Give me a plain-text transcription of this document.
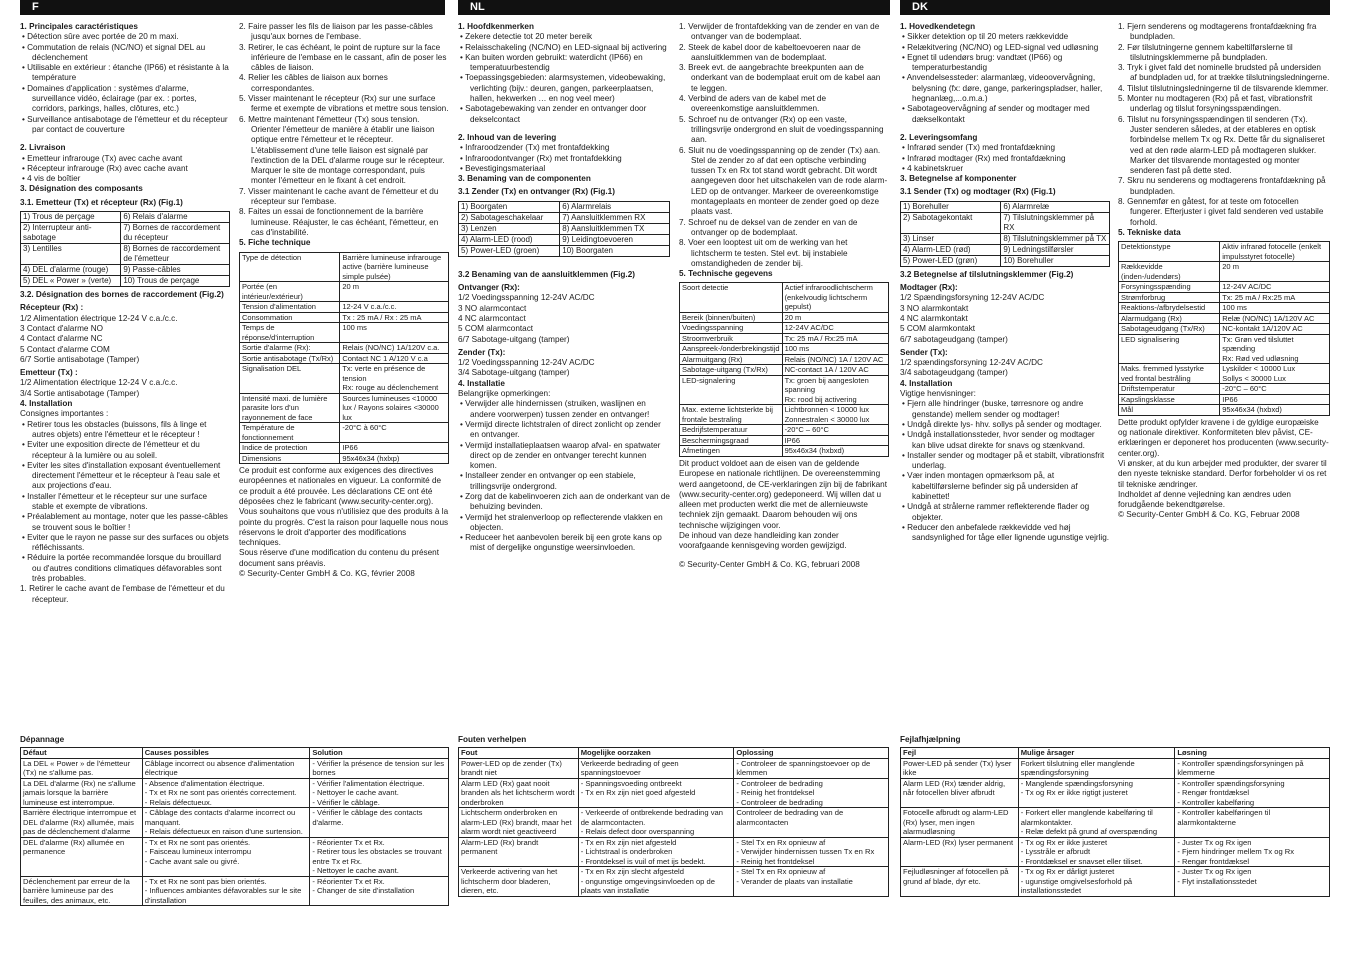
F	NL	DK

1. Principales caractéristiques

• Détection sûre avec portée de 20 m maxi.

• Commutation de relais (NC/NO) et signal DEL au déclenchement

• Utilisable en extérieur : étanche (IP66) et résistante à la température

• Domaines d'application : systèmes d'alarme, surveillance vidéo, éclairage (par ex. : portes, corridors, parkings, halles, clôtures, etc.)

• Surveillance antisabotage de l'émetteur et du récepteur par contact de couverture

2. Livraison

• Emetteur infrarouge (Tx) avec cache avant

• Récepteur infrarouge (Rx) avec cache avant

• 4 vis de boîtier

3. Désignation des composants

3.1. Emetteur (Tx) et récepteur (Rx) (Fig.1)

1) Trous de perçage	6) Relais d'alarme
2) Interrupteur anti-sabotage	7) Bornes de raccordement du récepteur
3) Lentilles	8) Bornes de raccordement de l'émetteur
4) DEL d'alarme (rouge)	9) Passe-câbles
5) DEL « Power » (verte)	10) Trous de perçage

3.2. Désignation des bornes de raccordement (Fig.2)

Récepteur (Rx) :

1/2 Alimentation électrique 12-24 V c.a./c.c.

3 Contact d'alarme NO

4 Contact d'alarme NC

5 Contact d'alarme COM

6/7 Sortie antisabotage (Tamper)

Emetteur (Tx) :

1/2 Alimentation électrique 12-24 V c.a./c.c.

3/4 Sortie antisabotage (Tamper)

4. Installation

Consignes importantes :

• Retirer tous les obstacles (buissons, fils à linge et autres objets) entre l'émetteur et le récepteur !

• Eviter une exposition directe de l'émetteur et du récepteur à la lumière ou au soleil.

• Eviter les sites d'installation exposant éventuellement directement l'émetteur et le récepteur à l'eau sale et aux projections d'eau.

• Installer l'émetteur et le récepteur sur une surface stable et exempte de vibrations.

• Préalablement au montage, noter que les passe-câbles se trouvent sous le boîtier !

• Eviter que le rayon ne passe sur des surfaces ou objets réfléchissants.

• Réduire la portée recommandée lorsque du brouillard ou d'autres conditions climatiques défavorables sont très probables.

1. Retirer le cache avant de l'embase de l'émetteur et du récepteur.

2. Faire passer les fils de liaison par les passe-câbles jusqu'aux bornes de l'embase.

3. Retirer, le cas échéant, le point de rupture sur la face inférieure de l'embase en le cassant, afin de poser les câbles de liaison.

4. Relier les câbles de liaison aux bornes correspondantes.

5. Visser maintenant le récepteur (Rx) sur une surface ferme et exempte de vibrations et mettre sous tension.

6. Mettre maintenant l'émetteur (Tx) sous tension. Orienter l'émetteur de manière à établir une liaison optique entre l'émetteur et le récepteur. L'établissement d'une telle liaison est signalé par l'extinction de la DEL d'alarme rouge sur le récepteur. Marquer le site de montage correspondant, puis monter l'émetteur en le fixant à cet endroit.

7. Visser maintenant le cache avant de l'émetteur et du récepteur sur l'embase.

8. Faites un essai de fonctionnement de la barrière lumineuse. Réajuster, le cas échéant, l'émetteur, en cas d'instabilité.

5. Fiche technique

Type de détection	Barrière lumineuse infrarouge active (barrière lumineuse simple pulsée)
Portée (en intérieur/extérieur)	20 m
Tension d'alimentation	12-24 V c.a./c.c.
Consommation	Tx : 25 mA / Rx : 25 mA
Temps de réponse/d'interruption	100 ms
Sortie d'alarme (Rx):	Relais (NO/NC) 1A/120V c.a.
Sortie antisabotage (Tx/Rx)	Contact NC 1 A/120 V c.a
Signalisation DEL	Tx: verte en présence de tension
Rx: rouge au déclenchement
Intensité maxi. de lumière parasite lors d'un rayonnement de face	Sources lumineuses <10000 lux / Rayons solaires <30000 lux
Température de fonctionnement	-20°C à 60°C
Indice de protection	IP66
Dimensions	95x46x34 (hxlxp)

Ce produit est conforme aux exigences des directives européennes et nationales en vigueur. La conformité de ce produit a été prouvée. Les déclarations CE ont été déposées chez le fabricant (www.security-center.org).

Vous souhaitons que vous n'utilisiez que des produits à la pointe du progrès. C'est la raison pour laquelle nous nous réservons le droit d'apporter des modifications techniques.

Sous réserve d'une modification du contenu du présent document sans préavis.

© Security-Center GmbH & Co. KG, février 2008

1. Hoofdkenmerken

• Zekere detectie tot 20 meter bereik

• Relaisschakeling (NC/NO) en LED-signaal bij activering

• Kan buiten worden gebruikt: waterdicht (IP66) en temperatuurbestendig

• Toepassingsgebieden: alarmsystemen, videobewaking, verlichting (bijv.: deuren, gangen, parkeerplaatsen, hallen, hekwerken … en nog veel meer)

• Sabotagebewaking van zender en ontvanger door dekselcontact

2. Inhoud van de levering

• Infraroodzender (Tx) met frontafdekking

• Infraroodontvanger (Rx) met frontafdekking

• Bevestigingsmateriaal

3. Benaming van de componenten

3.1 Zender (Tx) en ontvanger (Rx) (Fig.1)

1) Boorgaten	6) Alarmrelais
2) Sabotageschakelaar	7) Aansluitklemmen RX
3) Lenzen	8) Aansluitklemmen TX
4) Alarm-LED (rood)	9) Leidingtoevoeren
5) Power-LED (groen)	10) Boorgaten

3.2 Benaming van de aansluitklemmen (Fig.2)

Ontvanger (Rx):

1/2 Voedingsspanning 12-24V AC/DC

3 NO alarmcontact

4 NC alarmcontact

5 COM alarmcontact

6/7 Sabotage-uitgang (tamper)

Zender (Tx):

1/2 Voedingsspanning 12-24V AC/DC

3/4 Sabotage-uitgang (tamper)

4. Installatie

Belangrijke opmerkingen:

• Verwijder alle hindernissen (struiken, waslijnen en andere voorwerpen) tussen zender en ontvanger!

• Vermijd directe lichtstralen of direct zonlicht op zender en ontvanger.

• Vermijd installatieplaatsen waarop afval- en spatwater direct op de zender en ontvanger terecht kunnen komen.

• Installeer zender en ontvanger op een stabiele, trillingsvrije ondergrond.

• Zorg dat de kabelinvoeren zich aan de onderkant van de behuizing bevinden.

• Vermijd het stralenverloop op reflecterende vlakken en objecten.

• Reduceer het aanbevolen bereik bij een grote kans op mist of dergelijke ongunstige weersinvloeden.

1. Verwijder de frontafdekking van de zender en van de ontvanger van de bodemplaat.

2. Steek de kabel door de kabeltoevoeren naar de aansluitklemmen van de bodemplaat.

3. Breek evt. de aangebrachte breekpunten aan de onderkant van de bodemplaat eruit om de kabel aan te leggen.

4. Verbind de aders van de kabel met de overeenkomstige aansluitklemmen.

5. Schroef nu de ontvanger (Rx) op een vaste, trillingsvrije ondergrond en sluit de voedingsspanning aan.

6. Sluit nu de voedingsspanning op de zender (Tx) aan. Stel de zender zo af dat een optische verbinding tussen Tx en Rx tot stand wordt gebracht. Dit wordt aangegeven door het uitschakelen van de rode alarm-LED op de ontvanger. Markeer de overeenkomstige montageplaats en monteer de zender goed op deze plaats vast.

7. Schroef nu de deksel van de zender en van de ontvanger op de bodemplaat.

8. Voer een looptest uit om de werking van het lichtscherm te testen. Stel evt. bij instabiele omstandigheden de zender bij.

5. Technische gegevens

Soort detectie	Actief infraroodlichtscherm (enkelvoudig lichtscherm gepulst)
Bereik (binnen/buiten)	20 m
Voedingsspanning	12-24V AC/DC
Stroomverbruik	Tx: 25 mA / Rx:25 mA
Aanspreek-/onderbrekingstijd	100 ms
Alarmuitgang (Rx)	Relais (NO/NC) 1A / 120V AC
Sabotage-uitgang (Tx/Rx)	NC-contact 1A / 120V AC
LED-signalering	Tx: groen bij aangesloten spanning
Rx: rood bij activering
Max. externe lichtsterkte bij frontale bestraling	Lichtbronnen < 10000 lux
Zonnestralen < 30000 lux
Bedrijfstemperatuur	-20°C – 60°C
Beschermingsgraad	IP66
Afmetingen	95x46x34 (hxbxd)

Dit product voldoet aan de eisen van de geldende Europese en nationale richtlijnen. De overeenstemming werd aangetoond, de CE-verklaringen zijn bij de fabrikant (www.security-center.org) gedeponeerd. Wij willen dat u alleen met producten werkt die met de allernieuwste techniek zijn gemaakt. Daarom behouden wij ons technische wijzigingen voor.

De inhoud van deze handleiding kan zonder voorafgaande kennisgeving worden gewijzigd.

© Security-Center GmbH & Co. KG, februari 2008

1. Hovedkendetegn

• Sikker detektion op til 20 meters rækkevidde

• Relækitvering (NC/NO) og LED-signal ved udløsning

• Egnet til udendørs brug: vandtæt (IP66) og temperaturbestandig

• Anvendelsessteder: alarmanlæg, videoovervågning, belysning (fx: døre, gange, parkeringspladser, haller, hegnanlæg,...o.m.a.)

• Sabotageovervågning af sender og modtager med dækselkontakt

2. Leveringsomfang

• Infrarød sender (Tx) med frontafdækning

• Infrarød modtager (Rx) med frontafdækning

• 4 kabinetskruer

3. Betegnelse af komponenter

3.1 Sender (Tx) og modtager (Rx) (Fig.1)

1) Borehuller	6) Alarmrelæ
2) Sabotagekontakt	7) Tilslutningsklemmer på RX
3) Linser	8) Tilslutningsklemmer på TX
4) Alarm-LED (rød)	9) Ledningstilførsler
5) Power-LED (grøn)	10) Borehuller

3.2 Betegnelse af tilslutningsklemmer (Fig.2)

Modtager (Rx):

1/2 Spændingsforsyning 12-24V AC/DC

3 NO alarmkontakt

4 NC alarmkontakt

5 COM alarmkontakt

6/7 sabotageudgang (tamper)

Sender (Tx):

1/2 spændingsforsyning 12-24V AC/DC

3/4 sabotageudgang (tamper)

4. Installation

Vigtige henvisninger:

• Fjern alle hindringer (buske, tørresnore og andre genstande) mellem sender og modtager!

• Undgå direkte lys- hhv. sollys på sender og modtager.

• Undgå installationssteder, hvor sender og modtager kan blive udsat direkte for snavs og stænkvand.

• Installer sender og modtager på et stabilt, vibrationsfrit underlag.

• Vær inden montagen opmærksom på, at kabeltilførslerne befinder sig på undersiden af kabinettet!

• Undgå at strålerne rammer reflekterende flader og objekter.

• Reducer den anbefalede rækkevidde ved høj sandsynlighed for tåge eller lignende ugunstige vejrlig.

1. Fjern senderens og modtagerens frontafdækning fra bundpladen.

2. Før tilslutningerne gennem kabeltilførslerne til tilslutningsklemmerne på bundpladen.

3. Tryk i givet fald det nominelle brudsted på undersiden af bundpladen ud, for at trække tilslutningsledningerne.

4. Tilslut tilslutningsledningerne til de tilsvarende klemmer.

5. Monter nu modtageren (Rx) på et fast, vibrationsfrit underlag og tilslut forsyningsspændingen.

6. Tilslut nu forsyningsspændingen til senderen (Tx). Juster senderen således, at der etableres en optisk forbindelse mellem Tx og Rx. Dette får du signaliseret ved at den røde alarm-LED på modtageren slukker. Marker det tilsvarende montagested og monter senderen fast på dette sted.

7. Skru nu senderens og modtagerens frontafdækning på bundpladen.

8. Gennemfør en gåtest, for at teste om fotocellen fungerer. Efterjuster i givet fald senderen ved ustabile forhold.

5. Tekniske data

Detektionstype	Aktiv infrarød fotocelle (enkelt impulsstyret fotocelle)
Rækkevidde (inden-/udendørs)	20 m
Forsyningsspænding	12-24V AC/DC
Strømforbrug	Tx: 25 mA / Rx:25 mA
Reaktions-/afbrydelsestid	100 ms
Alarmudgang (Rx)	Relæ (NO/NC) 1A/120V AC
Sabotageudgang (Tx/Rx)	NC-kontakt 1A/120V AC
LED signalisering	Tx: Grøn ved tilsluttet spænding
Rx: Rød ved udløsning
Maks. fremmed lysstyrke ved frontal bestråling	Lyskilder < 10000 Lux
Sollys < 30000 Lux
Driftstemperatur	-20°C – 60°C
Kapslingsklasse	IP66
Mål	95x46x34 (hxbxd)

Dette produkt opfylder kravene i de gyldige europæiske og nationale direktiver. Konformiteten blev påvist, CE-erklæringen er deponeret hos producenten (www.security-center.org).

Vi ønsker, at du kun arbejder med produkter, der svarer til den nyeste tekniske standard. Derfor forbeholder vi os ret til tekniske ændringer.

Indholdet af denne vejledning kan ændres uden forudgående bekendtgørelse.

© Security-Center GmbH & Co. KG, Februar 2008

Dépannage
Défaut	Causes possibles	Solution
La DEL « Power » de l'émetteur (Tx) ne s'allume pas.	Câblage incorrect ou absence d'alimentation électrique	- Vérifier la présence de tension sur les bornes
La DEL d'alarme (Rx) ne s'allume jamais lorsque la barrière lumineuse est interrompue.	- Absence d'alimentation électrique.
- Tx et Rx ne sont pas orientés correctement.
- Relais défectueux.	- Vérifier l'alimentation électrique.
- Nettoyer le cache avant.
- Vérifier le câblage.
Barrière électrique interrompue et DEL d'alarme (Rx) allumée, mais pas de déclenchement d'alarme	- Câblage des contacts d'alarme incorrect ou manquant.
- Relais défectueux en raison d'une surtension.	- Vérifier le câblage des contacts d'alarme.
DEL d'alarme (Rx) allumée en permanence	- Tx et Rx ne sont pas orientés.
- Faisceau lumineux interrompu
- Cache avant sale ou givré.	- Réorienter Tx et Rx.
- Retirer tous les obstacles se trouvant entre Tx et Rx.
- Nettoyer le cache avant.
Déclenchement par erreur de la barrière lumineuse par des feuilles, des animaux, etc.	- Tx et Rx ne sont pas bien orientés.
- Influences ambiantes défavorables sur le site d'installation	- Réorienter Tx et Rx.
- Changer de site d'installation
Fouten verhelpen
Fout	Mogelijke oorzaken	Oplossing
Power-LED op de zender (Tx) brandt niet	Verkeerde bedrading of geen spanningstoevoer	- Controleer de spanningstoevoer op de klemmen
Alarm LED (Rx) gaat nooit branden als het lichtscherm wordt onderbroken	- Spanningsvoeding ontbreekt
- Tx en Rx zijn niet goed afgesteld	- Controleer de bedrading
- Reinig het frontdeksel
- Controleer de bedrading
Lichtscherm onderbroken en alarm-LED (Rx) brandt, maar het alarm wordt niet geactiveerd	- Verkeerde of ontbrekende bedrading van de alarmcontacten.
- Relais defect door overspanning	Controleer de bedrading van de alarmcontacten
Alarm-LED (Rx) brandt permanent	- Tx en Rx zijn niet afgesteld
- Lichtstraal is onderbroken
- Frontdeksel is vuil of met ijs bedekt.	- Stel Tx en Rx opnieuw af
- Verwijder hindernissen tussen Tx en Rx
- Reinig het frontdeksel
Verkeerde activering van het lichtscherm door bladeren, dieren, etc.	- Tx en Rx zijn slecht afgesteld
- ongunstige omgevingsinvloeden op de plaats van installatie	- Stel Tx en Rx opnieuw af
- Verander de plaats van installatie
Fejlafhjælpning
Fejl	Mulige årsager	Løsning
Power-LED på sender (Tx) lyser ikke	Forkert tilslutning eller manglende spændingsforsyning	- Kontroller spændingsforsyningen på klemmerne
Alarm LED (Rx) tænder aldrig, når fotocellen bliver afbrudt	- Manglende spændingsforsyning
- Tx og Rx er ikke rigtigt justeret	- Kontroller spændingsforsyning
- Rengør frontdæksel
- Kontroller kabelføring
Fotocelle afbrudt og alarm-LED (Rx) lyser, men ingen alarmudløsning	- Forkert eller manglende kabelføring til alarmkontakter.
- Relæ defekt på grund af overspænding	- Kontroller kabelføringen til alarmkontakterne
Alarm-LED (Rx) lyser permanent	- Tx og Rx er ikke justeret
- Lysstråle er afbrudt
- Frontdæksel er snavset eller tiliset.	- Juster Tx og Rx igen
- Fjern hindringer mellem Tx og Rx
- Rengør frontdæksel
Fejludløsninger af fotocellen på grund af blade, dyr etc.	- Tx og Rx er dårligt justeret
- ugunstige omgivelsesforhold på installationsstedet	- Juster Tx og Rx igen
- Flyt installationsstedet
